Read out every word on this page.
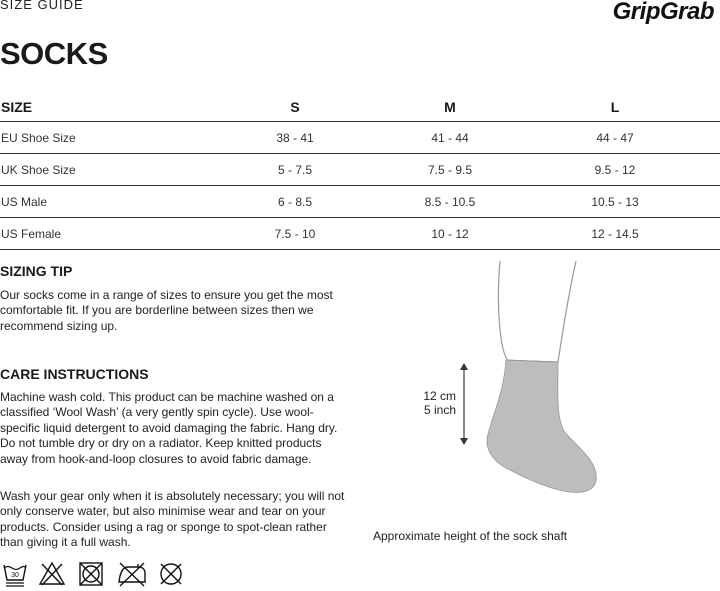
SIZE GUIDE	GripGrab
SOCKS
SIZE	S	M	L
EU Shoe Size	38 - 41	41 - 44	44 - 47
UK Shoe Size	5 - 7.5	7.5 - 9.5	9.5 - 12
US Male	6 - 8.5	8.5 - 10.5	10.5 - 13
US Female	7.5 - 10	10 - 12	12 - 14.5
SIZING TIP
Our socks come in a range of sizes to ensure you get the most comfortable fit. If you are borderline between sizes then we recommend sizing up.
CARE INSTRUCTIONS
Machine wash cold. This product can be machine washed on a classified ‘Wool Wash’ (a very gently spin cycle). Use wool-specific liquid detergent to avoid damaging the fabric. Hang dry. Do not tumble dry or dry on a radiator. Keep knitted products away from hook-and-loop closures to avoid fabric damage.
Wash your gear only when it is absolutely necessary; you will not only conserve water, but also minimise wear and tear on your products. Consider using a rag or sponge to spot-clean rather than giving it a full wash.
12 cm
5 inch
Approximate height of the sock shaft
30
